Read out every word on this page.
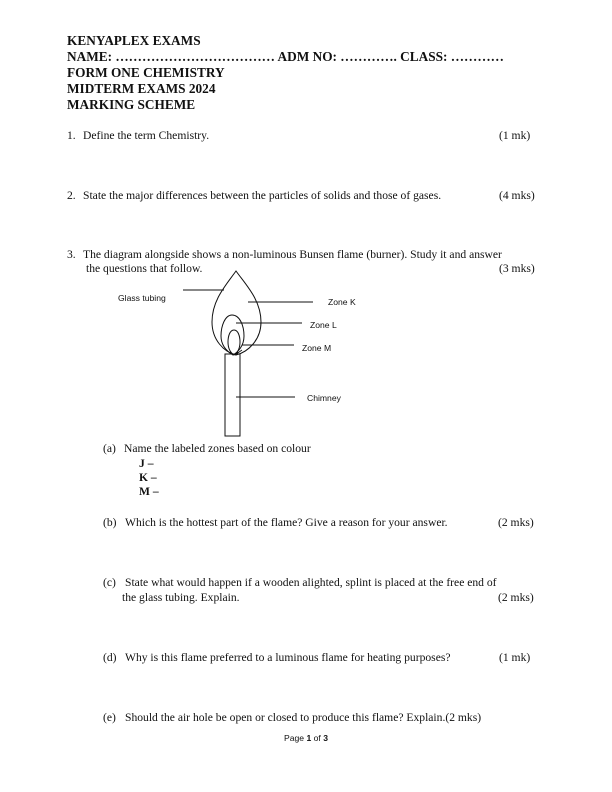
KENYAPLEX EXAMS
NAME: ……………………………… ADM NO: …………. CLASS: …………
FORM ONE CHEMISTRY
MIDTERM EXAMS 2024
MARKING SCHEME
1. Define the term Chemistry.	(1 mk)
2. State the major differences between the particles of solids and those of gases.	(4 mks)
3. The diagram alongside shows a non-luminous Bunsen flame (burner). Study it and answer
the questions that follow.	(3 mks)
Glass tubing	Zone K
Zone L
Zone M
Chimney
(a) Name the labeled zones based on colour
J –
K –
M –
(b) Which is the hottest part of the flame? Give a reason for your answer.	(2 mks)
(c) State what would happen if a wooden alighted, splint is placed at the free end of
the glass tubing. Explain.	(2 mks)
(d) Why is this flame preferred to a luminous flame for heating purposes?	(1 mk)
(e) Should the air hole be open or closed to produce this flame? Explain.(2 mks)
Page 1 of 3
